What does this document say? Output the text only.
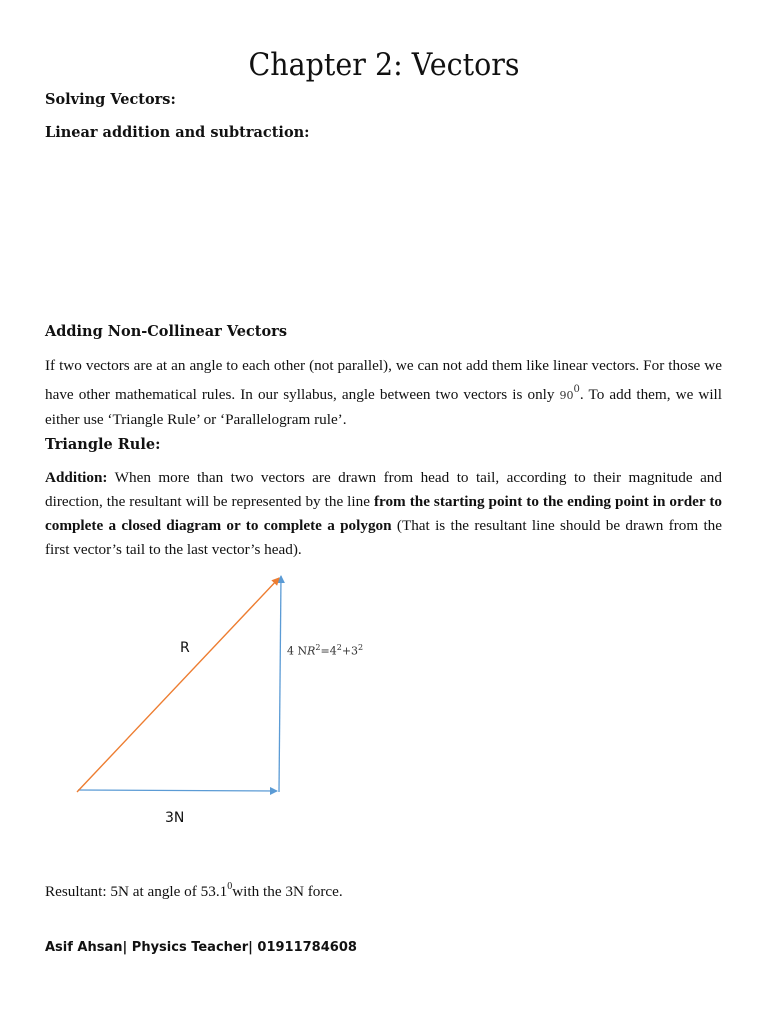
Chapter 2: Vectors
Solving Vectors:
Linear addition and subtraction:
Adding Non-Collinear Vectors
If two vectors are at an angle to each other (not parallel), we can not add them like linear vectors. For those we have other mathematical rules. In our syllabus, angle between two vectors is only 900. To add them, we will either use ‘Triangle Rule’ or ‘Parallelogram rule’.
Triangle Rule:
Addition: When more than two vectors are drawn from head to tail, according to their magnitude and direction, the resultant will be represented by the line from the starting point to the ending point in order to complete a closed diagram or to complete a polygon (That is the resultant line should be drawn from the first vector’s tail to the last vector’s head).
R	4 $NR^2=4^2+3^2$
3N
Resultant: 5N at angle of 53.1$^0$with the 3N force.
Asif Ahsan| Physics Teacher| 01911784608
